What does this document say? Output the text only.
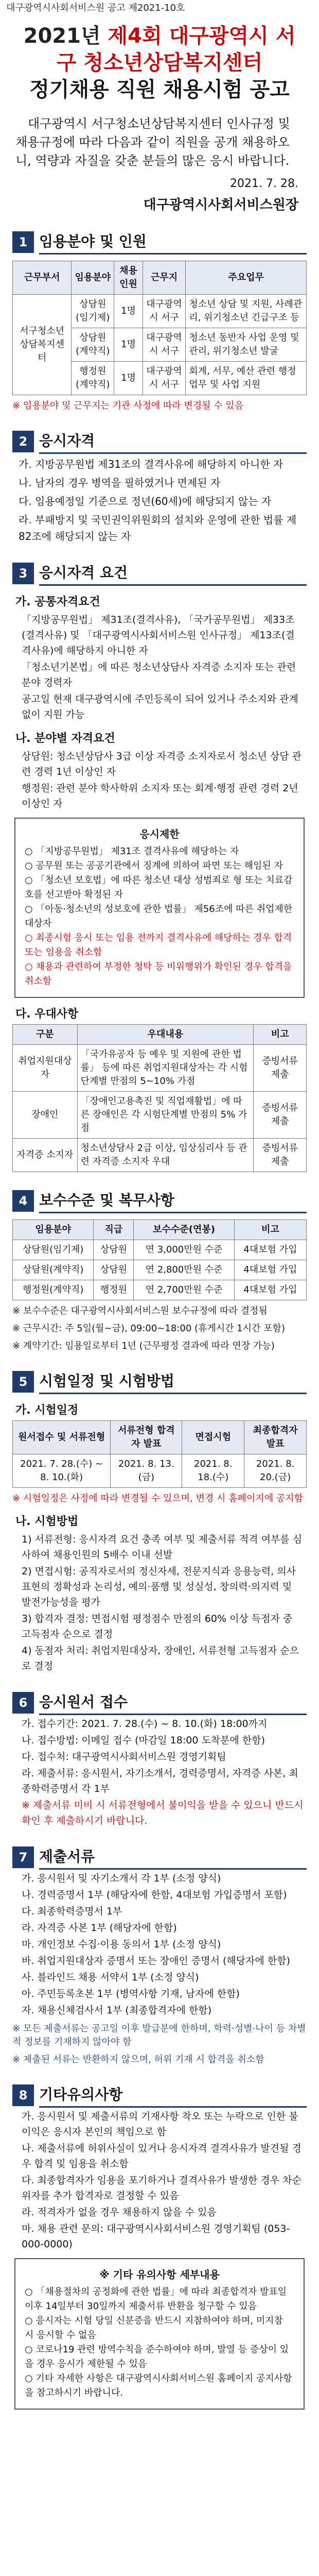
대구광역시사회서비스원 공고 제2021-10호
2021년 제4회 대구광역시 서구 청소년상담복지센터
정기채용 직원 채용시험 공고
대구광역시 서구청소년상담복지센터 인사규정 및 채용규정에 따라 다음과 같이 직원을 공개 채용하오니, 역량과 자질을 갖춘 분들의 많은 응시 바랍니다.
2021. 7. 28.
대구광역시사회서비스원장
1 임용분야 및 인원
근무부서	임용분야	채용인원	근무지	주요업무
서구청소년상담복지센터	상담원(임기제)	1명	대구광역시 서구	청소년 상담 및 지원, 사례관리, 위기청소년 긴급구조 등
	상담원(계약직)	1명	대구광역시 서구	청소년 동반자 사업 운영 및 관리, 위기청소년 발굴
	행정원(계약직)	1명	대구광역시 서구	회계, 서무, 예산 관련 행정업무 및 사업 지원
※ 임용분야 및 근무지는 기관 사정에 따라 변경될 수 있음
2 응시자격
가. 지방공무원법 제31조의 결격사유에 해당하지 아니한 자
나. 남자의 경우 병역을 필하였거나 면제된 자
다. 임용예정일 기준으로 정년(60세)에 해당되지 않는 자
라. 부패방지 및 국민권익위원회의 설치와 운영에 관한 법률 제82조에 해당되지 않는 자
3 응시자격 요건
가. 공통자격요건
「지방공무원법」 제31조(결격사유), 「국가공무원법」 제33조(결격사유) 및 「대구광역시사회서비스원 인사규정」 제13조(결격사유)에 해당하지 아니한 자
「청소년기본법」에 따른 청소년상담사 자격증 소지자 또는 관련 분야 경력자
공고일 현재 대구광역시에 주민등록이 되어 있거나 주소지와 관계없이 지원 가능
나. 분야별 자격요건
상담원: 청소년상담사 3급 이상 자격증 소지자로서 청소년 상담 관련 경력 1년 이상인 자
행정원: 관련 분야 학사학위 소지자 또는 회계·행정 관련 경력 2년 이상인 자
응시제한
○ 「지방공무원법」 제31조 결격사유에 해당하는 자
○ 공무원 또는 공공기관에서 징계에 의하여 파면 또는 해임된 자
○ 「청소년 보호법」에 따른 청소년 대상 성범죄로 형 또는 치료감호를 선고받아 확정된 자
○ 「아동·청소년의 성보호에 관한 법률」 제56조에 따른 취업제한 대상자
○ 최종시험 응시 또는 임용 전까지 결격사유에 해당하는 경우 합격 또는 임용을 취소함
○ 채용과 관련하여 부정한 청탁 등 비위행위가 확인된 경우 합격을 취소함
다. 우대사항
구분	우대내용	비고
취업지원대상자	「국가유공자 등 예우 및 지원에 관한 법률」 등에 따른 취업지원대상자는 각 시험단계별 만점의 5~10% 가점	증빙서류 제출
장애인	「장애인고용촉진 및 직업재활법」에 따른 장애인은 각 시험단계별 만점의 5% 가점	증빙서류 제출
자격증 소지자	청소년상담사 2급 이상, 임상심리사 등 관련 자격증 소지자 우대	증빙서류 제출
4 보수수준 및 복무사항
임용분야	직급	보수수준(연봉)	비고
상담원(임기제)	상담원	연 3,000만원 수준	4대보험 가입
상담원(계약직)	상담원	연 2,800만원 수준	4대보험 가입
행정원(계약직)	행정원	연 2,700만원 수준	4대보험 가입
※ 보수수준은 대구광역시사회서비스원 보수규정에 따라 결정됨
※ 근무시간: 주 5일(월~금), 09:00~18:00 (휴게시간 1시간 포함)
※ 계약기간: 임용일로부터 1년 (근무평정 결과에 따라 연장 가능)
5 시험일정 및 시험방법
가. 시험일정
원서접수 및 서류전형	서류전형 합격자 발표	면접시험	최종합격자 발표
2021. 7. 28.(수) ~ 8. 10.(화)	2021. 8. 13.(금)	2021. 8. 18.(수)	2021. 8. 20.(금)
※ 시험일정은 사정에 따라 변경될 수 있으며, 변경 시 홈페이지에 공지함
나. 시험방법
1) 서류전형: 응시자격 요건 충족 여부 및 제출서류 적격 여부를 심사하여 채용인원의 5배수 이내 선발
2) 면접시험: 공직자로서의 정신자세, 전문지식과 응용능력, 의사표현의 정확성과 논리성, 예의·품행 및 성실성, 창의력·의지력 및 발전가능성을 평가
3) 합격자 결정: 면접시험 평정점수 만점의 60% 이상 득점자 중 고득점자 순으로 결정
4) 동점자 처리: 취업지원대상자, 장애인, 서류전형 고득점자 순으로 결정
6 응시원서 접수
가. 접수기간: 2021. 7. 28.(수) ~ 8. 10.(화) 18:00까지
나. 접수방법: 이메일 접수 (마감일 18:00 도착분에 한함)
다. 접수처: 대구광역시사회서비스원 경영기획팀
라. 제출서류: 응시원서, 자기소개서, 경력증명서, 자격증 사본, 최종학력증명서 각 1부
※ 제출서류 미비 시 서류전형에서 불이익을 받을 수 있으니 반드시 확인 후 제출하시기 바랍니다.
7 제출서류
가. 응시원서 및 자기소개서 각 1부 (소정 양식)
나. 경력증명서 1부 (해당자에 한함, 4대보험 가입증명서 포함)
다. 최종학력증명서 1부
라. 자격증 사본 1부 (해당자에 한함)
마. 개인정보 수집·이용 동의서 1부 (소정 양식)
바. 취업지원대상자 증명서 또는 장애인 증명서 (해당자에 한함)
사. 블라인드 채용 서약서 1부 (소정 양식)
아. 주민등록초본 1부 (병역사항 기재, 남자에 한함)
자. 채용신체검사서 1부 (최종합격자에 한함)
※ 모든 제출서류는 공고일 이후 발급분에 한하며, 학력·성별·나이 등 차별적 정보를 기재하지 않아야 함
※ 제출된 서류는 반환하지 않으며, 허위 기재 시 합격을 취소함
8 기타유의사항
가. 응시원서 및 제출서류의 기재사항 착오 또는 누락으로 인한 불이익은 응시자 본인의 책임으로 함
나. 제출서류에 허위사실이 있거나 응시자격 결격사유가 발견될 경우 합격 및 임용을 취소함
다. 최종합격자가 임용을 포기하거나 결격사유가 발생한 경우 차순위자를 추가 합격자로 결정할 수 있음
라. 적격자가 없을 경우 채용하지 않을 수 있음
마. 채용 관련 문의: 대구광역시사회서비스원 경영기획팀 (053-000-0000)
※ 기타 유의사항 세부내용
○ 「채용절차의 공정화에 관한 법률」에 따라 최종합격자 발표일 이후 14일부터 30일까지 제출서류 반환을 청구할 수 있음
○ 응시자는 시험 당일 신분증을 반드시 지참하여야 하며, 미지참 시 응시할 수 없음
○ 코로나19 관련 방역수칙을 준수하여야 하며, 발열 등 증상이 있을 경우 응시가 제한될 수 있음
○ 기타 자세한 사항은 대구광역시사회서비스원 홈페이지 공지사항을 참고하시기 바랍니다.
